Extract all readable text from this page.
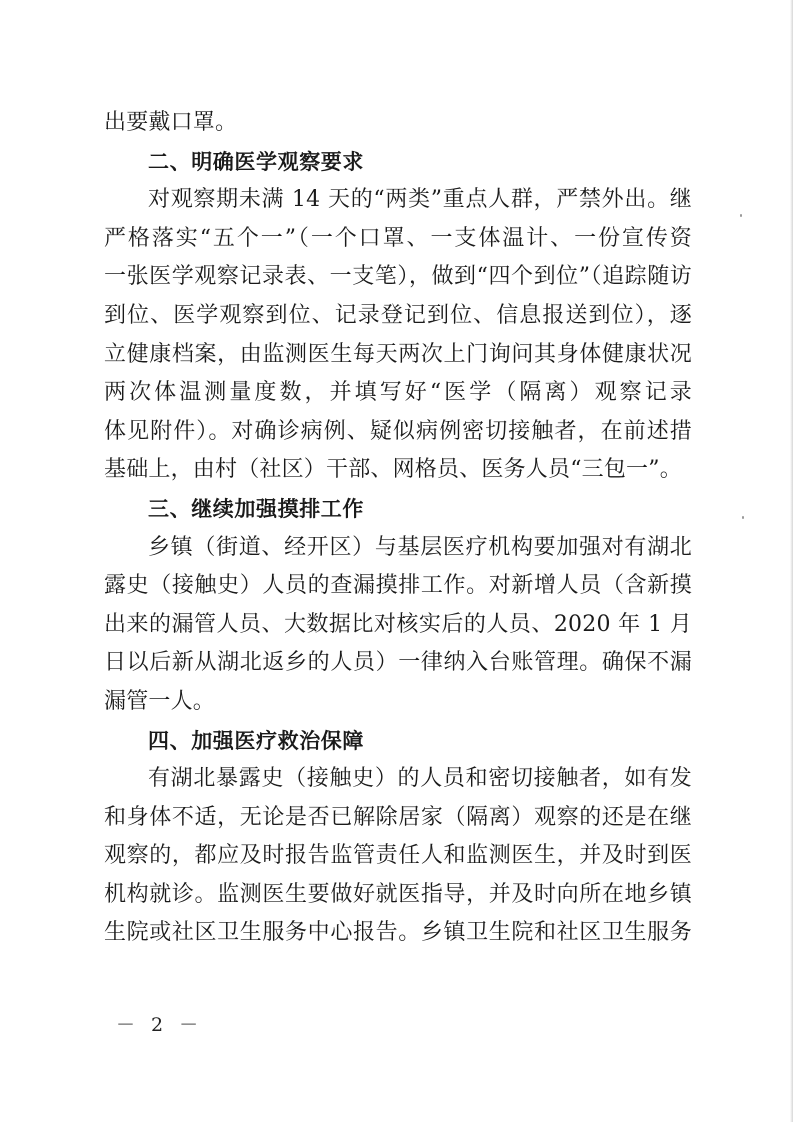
出要戴口罩。
二、明确医学观察要求
对观察期未满 14 天的“两类”重点人群，严禁外出。继
严格落实“五个一”（一个口罩、一支体温计、一份宣传资
一张医学观察记录表、一支笔），做到“四个到位”（追踪随访
到位、医学观察到位、记录登记到位、信息报送到位），逐
立健康档案，由监测医生每天两次上门询问其身体健康状况
两次体温测量度数，并填写好“医学（隔离）观察记录
体见附件）。对确诊病例、疑似病例密切接触者，在前述措
基础上，由村（社区）干部、网格员、医务人员“三包一”。
三、继续加强摸排工作
乡镇（街道、经开区）与基层医疗机构要加强对有湖北
露史（接触史）人员的查漏摸排工作。对新增人员（含新摸
出来的漏管人员、大数据比对核实后的人员、2020 年 1 月
日以后新从湖北返乡的人员）一律纳入台账管理。确保不漏
漏管一人。
四、加强医疗救治保障
有湖北暴露史（接触史）的人员和密切接触者，如有发
和身体不适，无论是否已解除居家（隔离）观察的还是在继
观察的，都应及时报告监管责任人和监测医生，并及时到医
机构就诊。监测医生要做好就医指导，并及时向所在地乡镇
生院或社区卫生服务中心报告。乡镇卫生院和社区卫生服务
－ 2 －
